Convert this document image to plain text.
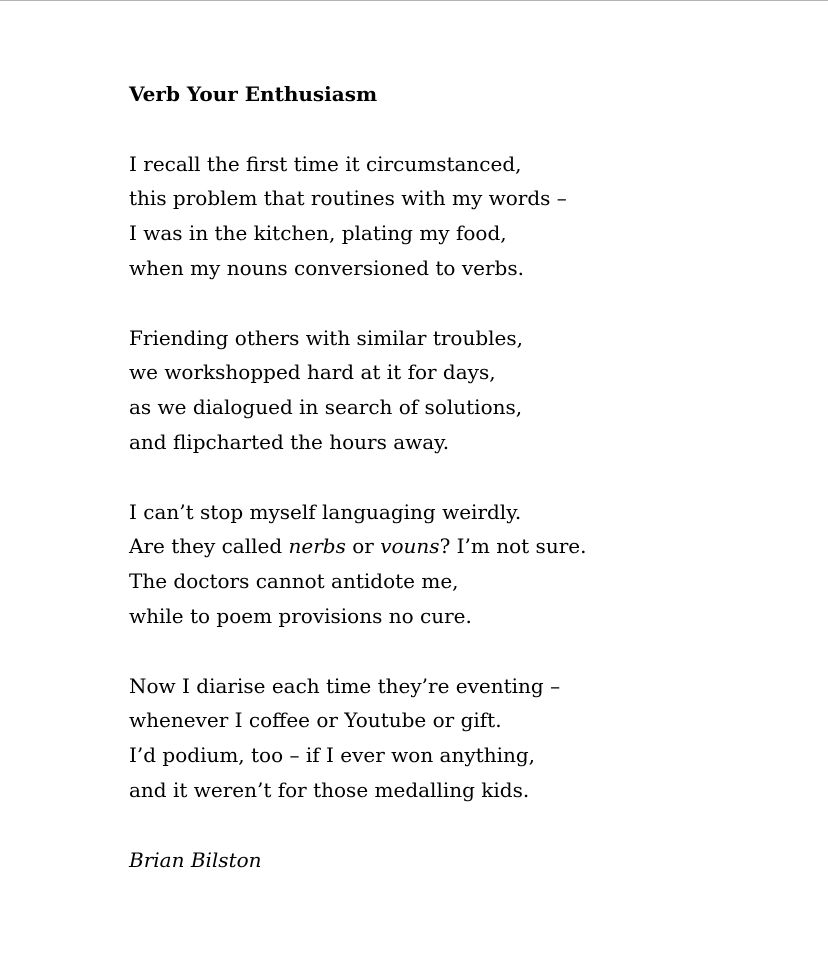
Verb Your Enthusiasm
I recall the first time it circumstanced,
this problem that routines with my words –
I was in the kitchen, plating my food,
when my nouns conversioned to verbs.
Friending others with similar troubles,
we workshopped hard at it for days,
as we dialogued in search of solutions,
and flipcharted the hours away.
I can’t stop myself languaging weirdly.
Are they called nerbs or vouns? I’m not sure.
The doctors cannot antidote me,
while to poem provisions no cure.
Now I diarise each time they’re eventing –
whenever I coffee or Youtube or gift.
I’d podium, too – if I ever won anything,
and it weren’t for those medalling kids.
Brian Bilston
